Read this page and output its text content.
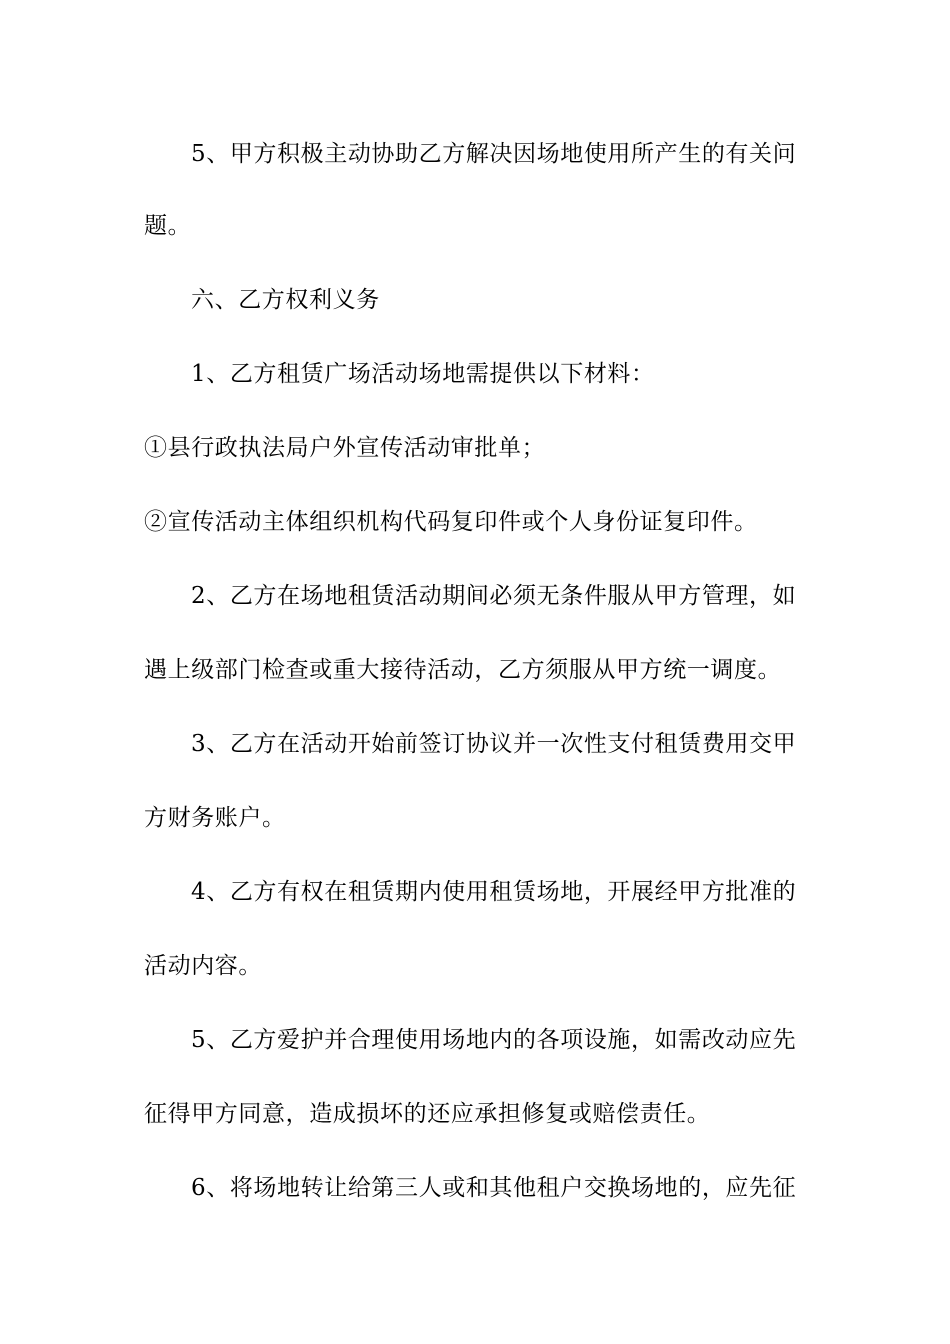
5、甲方积极主动协助乙方解决因场地使用所产生的有关问
题。
六、乙方权利义务
1、乙方租赁广场活动场地需提供以下材料：
①县行政执法局户外宣传活动审批单；
②宣传活动主体组织机构代码复印件或个人身份证复印件。
2、乙方在场地租赁活动期间必须无条件服从甲方管理，如
遇上级部门检查或重大接待活动，乙方须服从甲方统一调度。
3、乙方在活动开始前签订协议并一次性支付租赁费用交甲
方财务账户。
4、乙方有权在租赁期内使用租赁场地，开展经甲方批准的
活动内容。
5、乙方爱护并合理使用场地内的各项设施，如需改动应先
征得甲方同意，造成损坏的还应承担修复或赔偿责任。
6、将场地转让给第三人或和其他租户交换场地的，应先征
